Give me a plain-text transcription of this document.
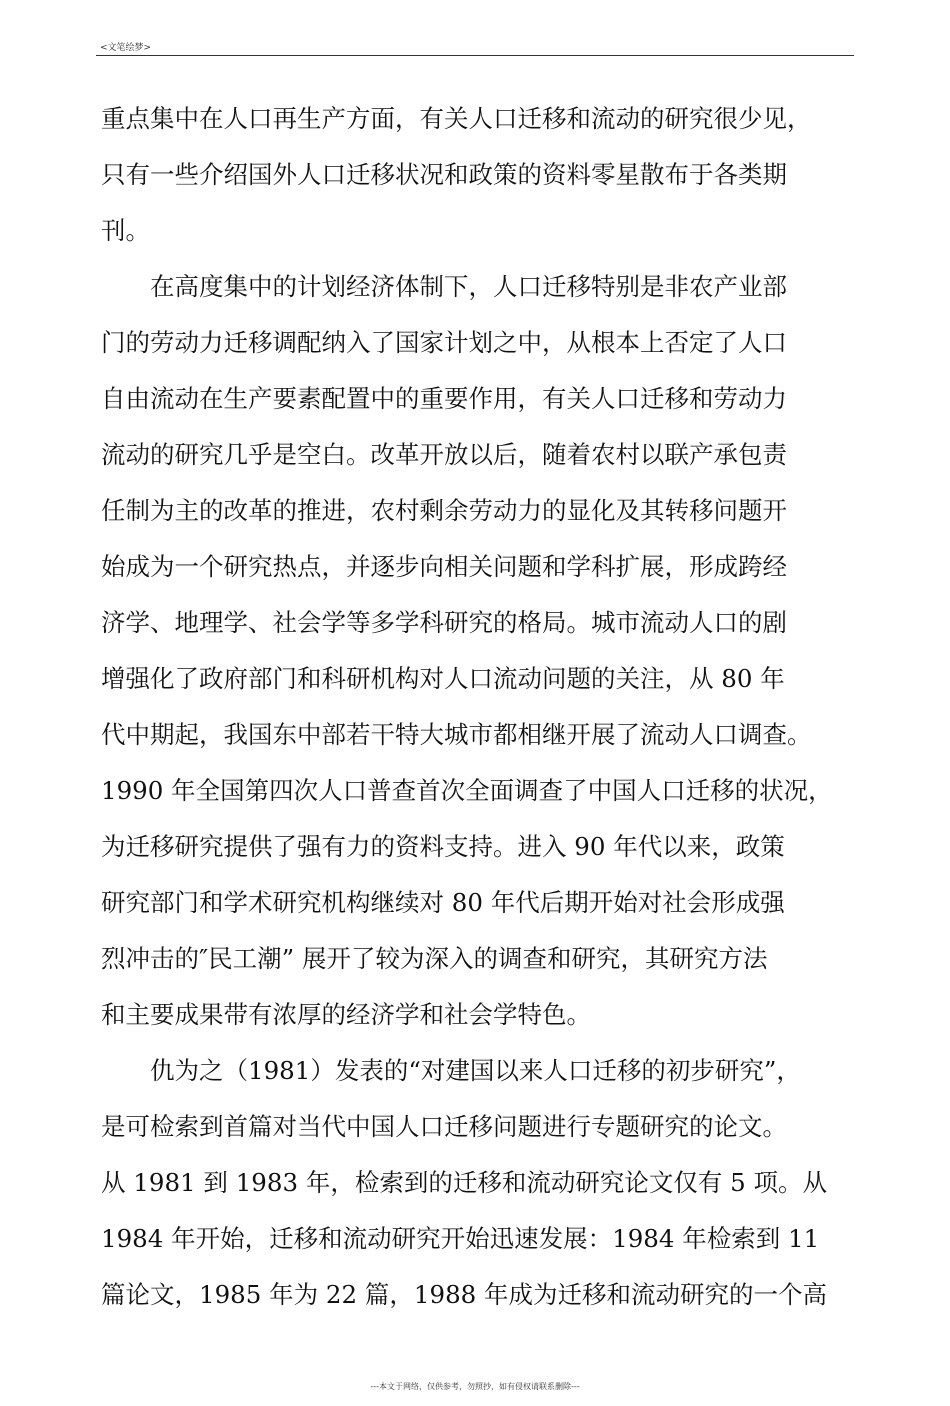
<文笔绘梦>
重点集中在人口再生产方面，有关人口迁移和流动的研究很少见，
只有一些介绍国外人口迁移状况和政策的资料零星散布于各类期
刊。
在高度集中的计划经济体制下，人口迁移特别是非农产业部
门的劳动力迁移调配纳入了国家计划之中，从根本上否定了人口
自由流动在生产要素配置中的重要作用，有关人口迁移和劳动力
流动的研究几乎是空白。改革开放以后，随着农村以联产承包责
任制为主的改革的推进，农村剩余劳动力的显化及其转移问题开
始成为一个研究热点，并逐步向相关问题和学科扩展，形成跨经
济学、地理学、社会学等多学科研究的格局。城市流动人口的剧
增强化了政府部门和科研机构对人口流动问题的关注，从 80 年
代中期起，我国东中部若干特大城市都相继开展了流动人口调查。
1990 年全国第四次人口普查首次全面调查了中国人口迁移的状况，
为迁移研究提供了强有力的资料支持。进入 90 年代以来，政策
研究部门和学术研究机构继续对 80 年代后期开始对社会形成强
烈冲击的″民工潮” 展开了较为深入的调查和研究，其研究方法
和主要成果带有浓厚的经济学和社会学特色。
仇为之（1981）发表的“对建国以来人口迁移的初步研究”，
是可检索到首篇对当代中国人口迁移问题进行专题研究的论文。
从 1981 到 1983 年，检索到的迁移和流动研究论文仅有 5 项。从
1984 年开始，迁移和流动研究开始迅速发展：1984 年检索到 11
篇论文，1985 年为 22 篇，1988 年成为迁移和流动研究的一个高
---本文于网络，仅供参考，勿照抄，如有侵权请联系删除---
